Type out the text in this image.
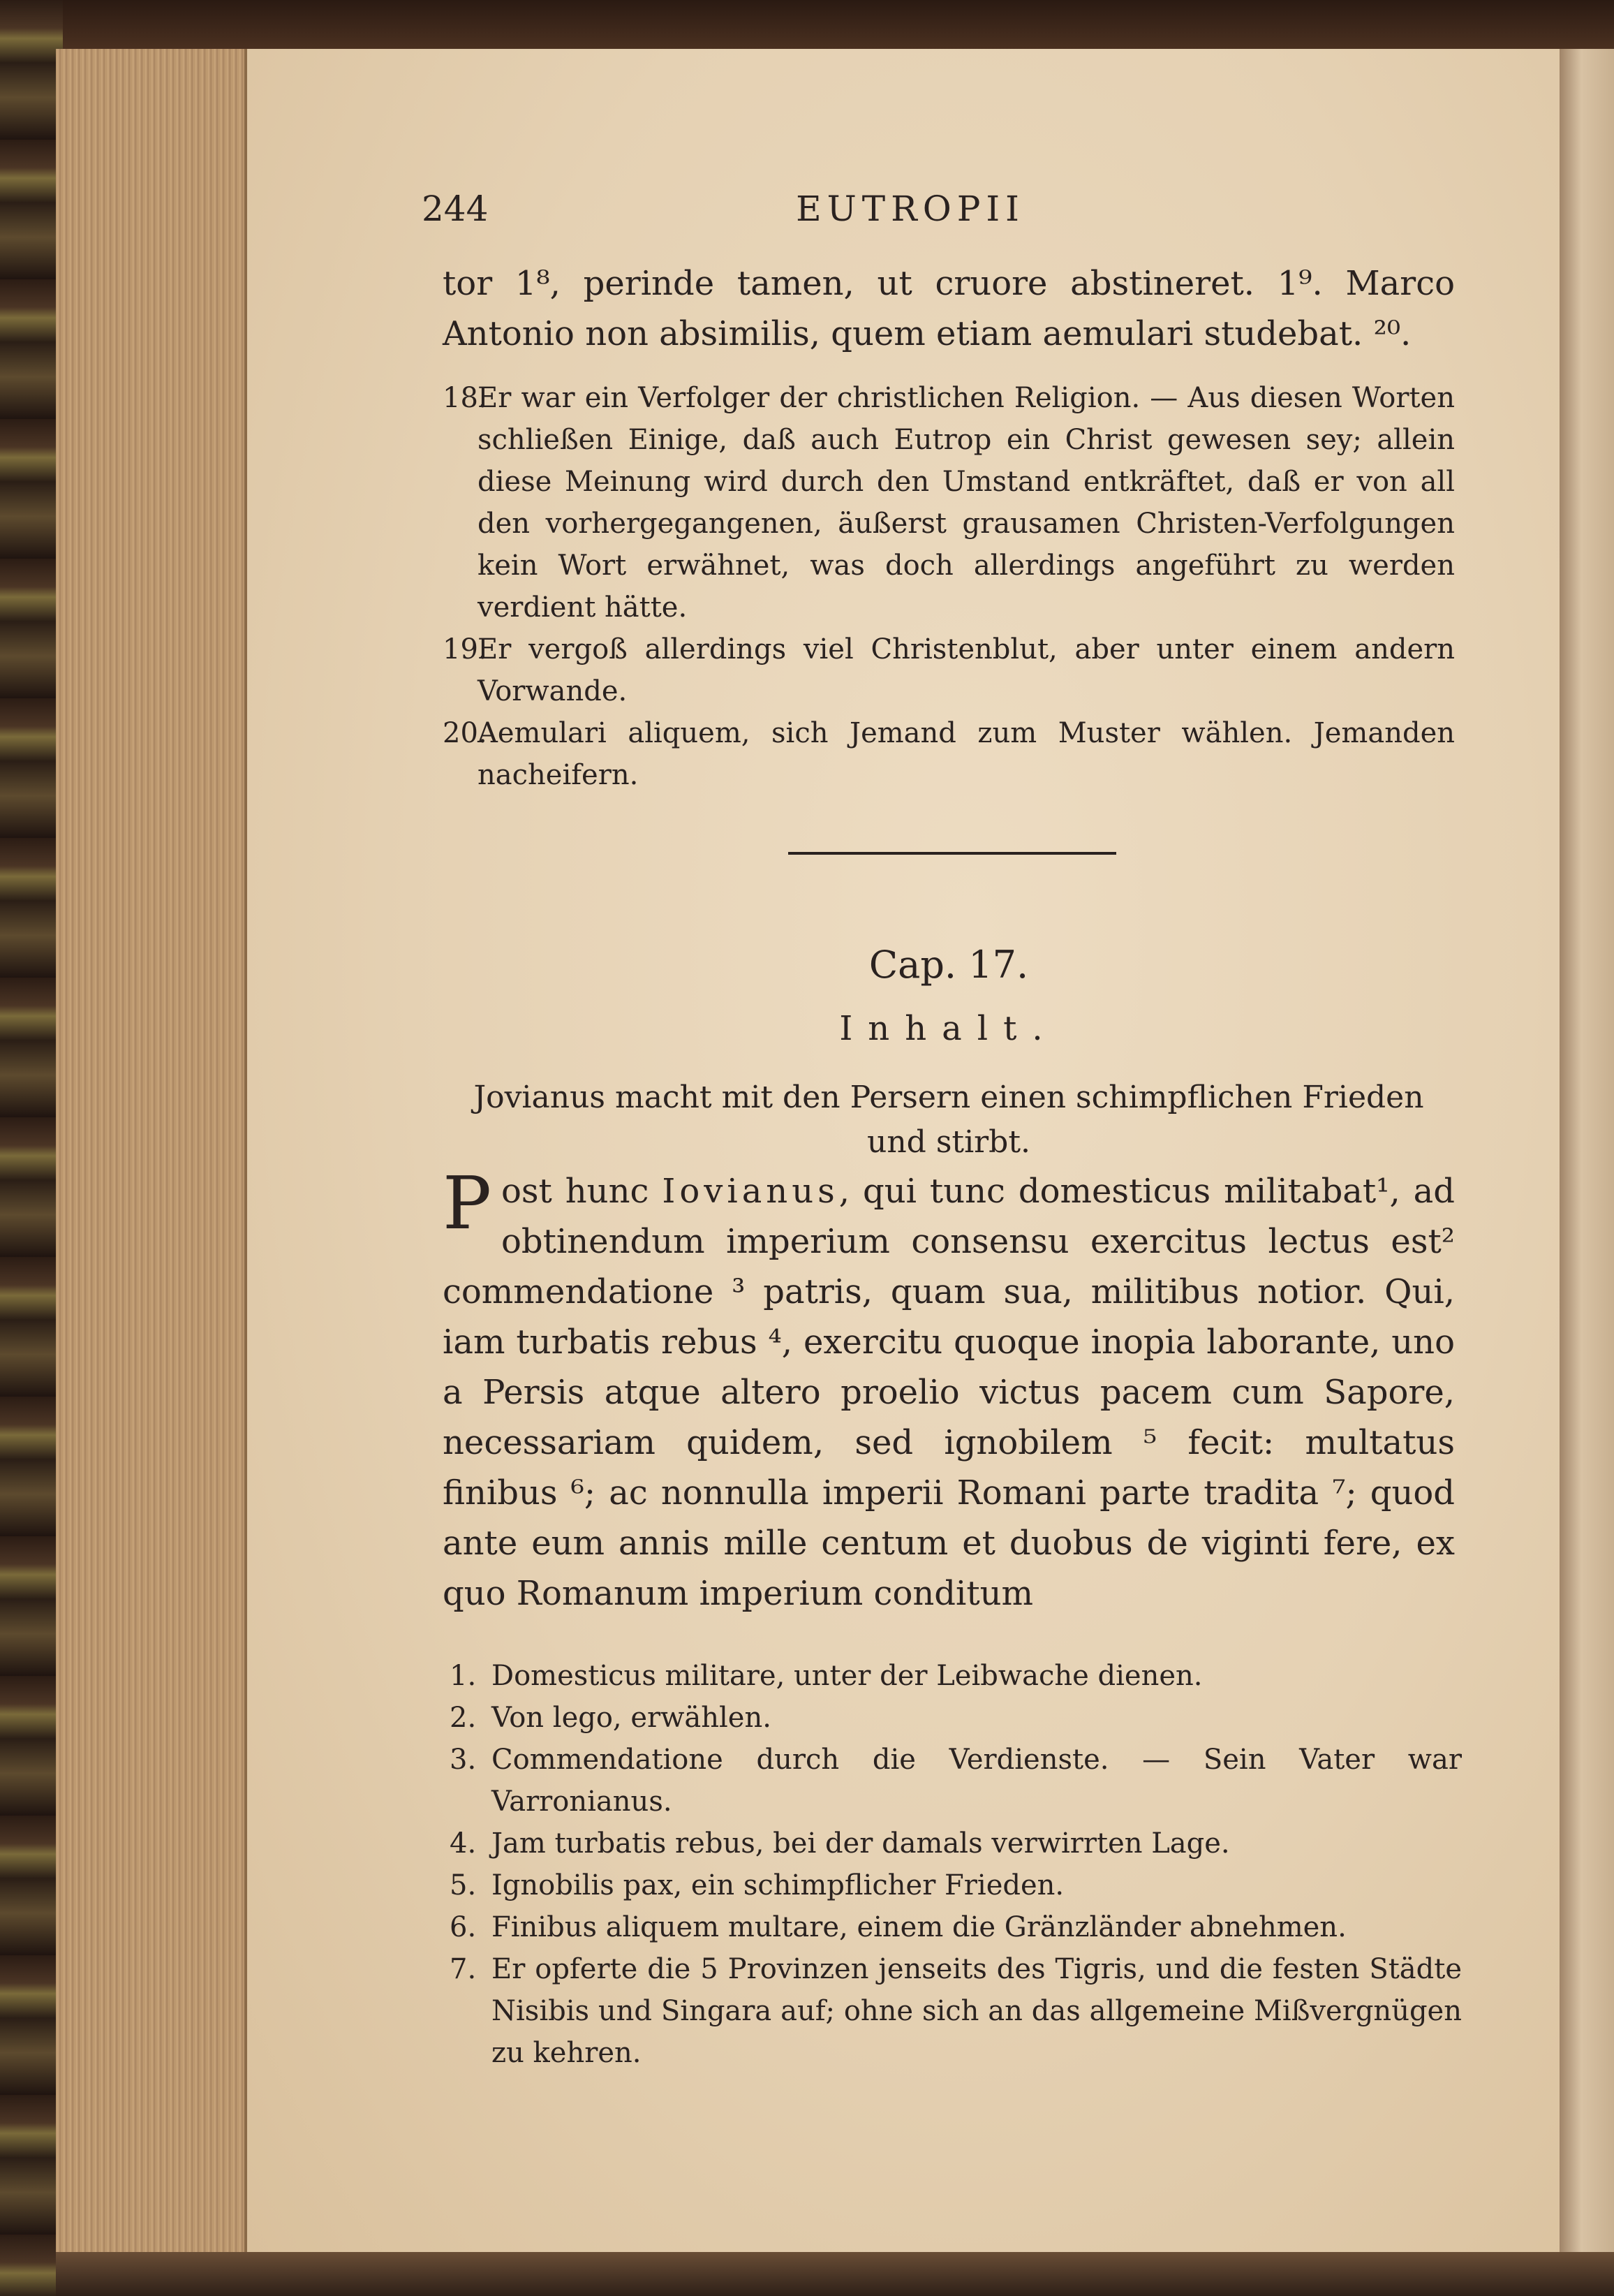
244	EUTROPII
tor 1⁸, perinde tamen, ut cruore abstineret. 1⁹. Marco Antonio non absimilis, quem etiam aemulari studebat. ²⁰.
18.
Er war ein Verfolger der christlichen Religion. — Aus diesen Worten schließen Einige, daß auch Eutrop ein Christ gewesen sey; allein diese Meinung wird durch den Umstand entkräftet, daß er von all den vorhergegangenen, äußerst grausamen Christen-Verfolgungen kein Wort erwähnet, was doch allerdings angeführt zu werden verdient hätte.
19.
Er vergoß allerdings viel Christenblut, aber unter einem andern Vorwande.
20.
Aemulari aliquem, sich Jemand zum Muster wählen. Jemanden nacheifern.
Cap. 17.
Inhalt.
Jovianus macht mit den Persern einen schimpflichen Frieden und stirbt.
Post hunc Iovianus, qui tunc domesticus militabat¹, ad obtinendum imperium consensu exercitus lectus est² commendatione ³ patris, quam sua, militibus notior. Qui, iam turbatis rebus ⁴, exercitu quoque inopia laborante, uno a Persis atque altero proelio victus pacem cum Sapore, necessariam quidem, sed ignobilem ⁵ fecit: multatus finibus ⁶; ac nonnulla imperii Romani parte tradita ⁷; quod ante eum annis mille centum et duobus de viginti fere, ex quo Romanum imperium conditum
1. Domesticus militare, unter der Leibwache dienen.
2. Von lego, erwählen.
3. Commendatione durch die Verdienste. — Sein Vater war Varronianus.
4. Jam turbatis rebus, bei der damals verwirrten Lage.
5. Ignobilis pax, ein schimpflicher Frieden.
6. Finibus aliquem multare, einem die Gränzländer abnehmen.
7. Er opferte die 5 Provinzen jenseits des Tigris, und die festen Städte Nisibis und Singara auf; ohne sich an das allgemeine Mißvergnügen zu kehren.
